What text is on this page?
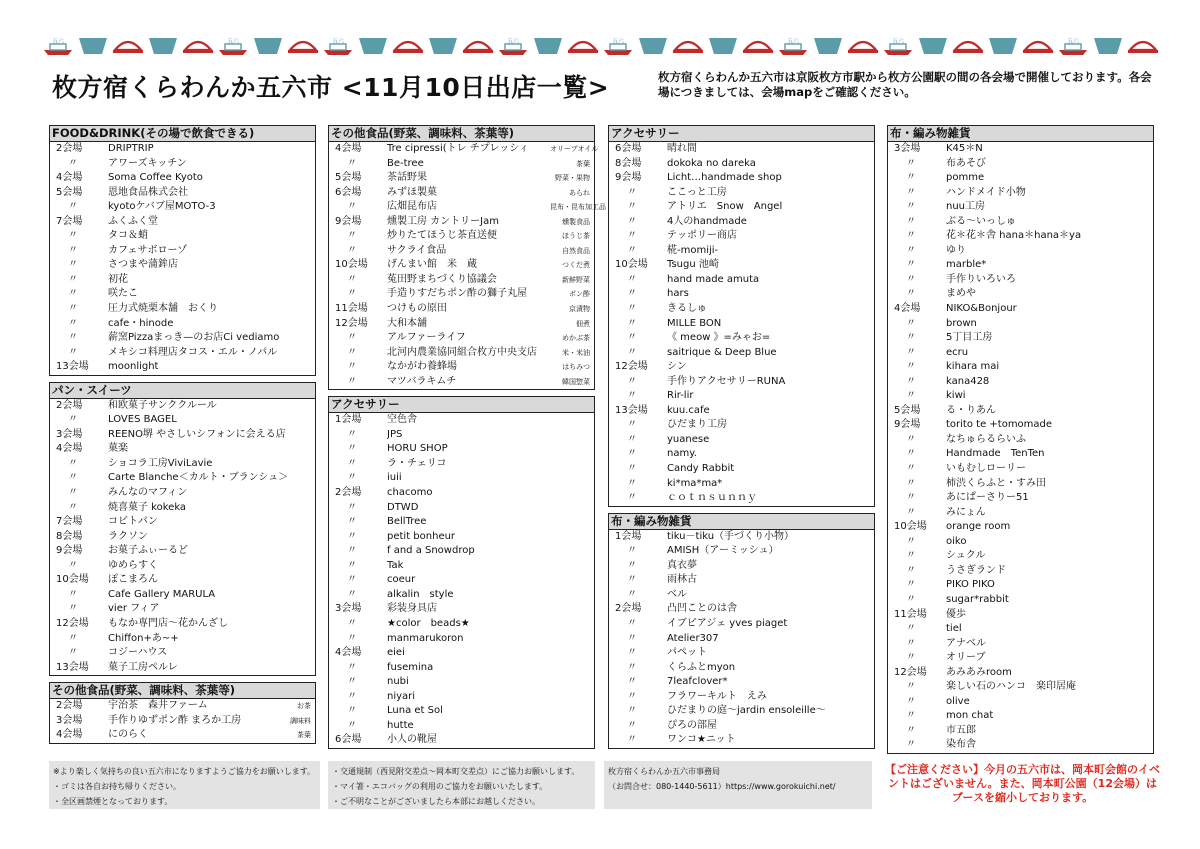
五六	五六	五六	五六	五六	五六	五六	五六
枚方宿くらわんか五六市 <11月10日出店一覧>	枚方宿くらわんか五六市は京阪枚方市駅から枚方公園駅の間の各会場で開催しております。各会場につきましては、会場mapをご確認ください。
FOOD&DRINK(その場で飲食できる)
2会場	DRIPTRIP
〃	アワーズキッチン
4会場	Soma Coffee Kyoto
5会場	恩地食品株式会社
〃	kyotoケバブ屋MOTO-3
7会場	ふくふく堂
〃	タコ＆蛸
〃	カフェサボローゾ
〃	さつまや蒲鉾店
〃	初花
〃	咲たこ
〃	圧力式焼栗本舗　おくり
〃	cafe・hinode
〃	薪窯Pizzaまっき—のお店Ci vediamo
〃	メキシコ料理店タコス・エル・ノパル
13会場	moonlight
パン・スイーツ
2会場	和欧菓子サンククルール
〃	LOVES BAGEL
3会場	REENO堺 やさしいシフォンに会える店
4会場	菓楽
〃	ショコラ工房ViviLavie
〃	Carte Blanche＜カルト・ブランシュ＞
〃	みんなのマフィン
〃	焼喜菓子 kokeka
7会場	コビトパン
8会場	ラクソン
9会場	お菓子ふぃーるど
〃	ゆめらすく
10会場	ぽこまろん
〃	Cafe Gallery MARULA
〃	vier フィア
12会場	もなか専門店～花かんざし
〃	Chiffon+あ~+
〃	コジーハウス
13会場	菓子工房ペルレ
その他食品(野菜、調味料、茶葉等)
2会場	宇治茶　森井ファーム	お茶
3会場	手作りゆずポン酢 まろか工房	調味料
4会場	にのらく	茶葉
その他食品(野菜、調味料、茶葉等)
4会場	Tre cipressi(トレ チプレッシィ	オリーブオイル
〃	Be-tree	茶葉
5会場	茶話野果	野菜・果物
6会場	みずほ製菓	あられ
〃	広畑昆布店	昆布・昆布加工品
9会場	燻製工房 カントリーJam	燻製食品
〃	炒りたてほうじ茶直送便	ほうじ茶
〃	サクライ食品	自然食品
10会場	げんまい館　米　蔵	つくだ煮
〃	菟田野まちづくり協議会	新鮮野菜
〃	手造りすだちポン酢の獅子丸屋	ポン酢
11会場	つけもの原田	京漬物
12会場	大和本舗	佃煮
〃	アルファーライフ	めかぶ茶
〃	北河内農業協同組合枚方中央支店	米・米油
〃	なかがわ養蜂場	はちみつ
〃	マツバラキムチ	韓国惣菜
アクセサリー
1会場	空色舎
〃	JPS
〃	HORU SHOP
〃	ラ・チェリコ
〃	iuii
2会場	chacomo
〃	DTWD
〃	BellTree
〃	petit bonheur
〃	f and a Snowdrop
〃	Tak
〃	coeur
〃	alkalin　style
3会場	彩装身具店
〃	★color　beads★
〃	manmarukoron
4会場	eiei
〃	fusemina
〃	nubi
〃	niyari
〃	Luna et Sol
〃	hutte
6会場	小人の靴屋
アクセサリー
6会場	晴れ間
8会場	dokoka no dareka
9会場	Licht…handmade shop
〃	ここっと工房
〃	アトリエ　Snow　Angel
〃	4人のhandmade
〃	テッポリー商店
〃	椛-momiji-
10会場	Tsugu 池崎
〃	hand made amuta
〃	hars
〃	きるしゅ
〃	MILLE BON
〃	《 meow 》=みゃお=
〃	saitrique & Deep Blue
12会場	シン
〃	手作りアクセサリーRUNA
〃	Rir-lir
13会場	kuu.cafe
〃	ひだまり工房
〃	yuanese
〃	namy.
〃	Candy Rabbit
〃	ki*ma*ma*
〃	ｃｏｔｎｓｕｎｎｙ
布・編み物雑貨
1会場	tiku－tiku（手づくり小物）
〃	AMISH（アーミッシュ）
〃	真衣夢
〃	雨林古
〃	ベル
2会場	凸凹ことのは舎
〃	イブピアジェ yves piaget
〃	Atelier307
〃	パペット
〃	くらふとmyon
〃	7leafclover*
〃	フラワーキルト　えみ
〃	ひだまりの庭～jardin ensoleille～
〃	ぴろの部屋
〃	ワンコ★ニット
布・編み物雑貨
3会場	K45＊N
〃	布あそび
〃	pomme
〃	ハンドメイド小物
〃	nuu工房
〃	ぶる～いっしゅ
〃	花＊花＊舎 hana＊hana＊ya
〃	ゆり
〃	marble*
〃	手作りいろいろ
〃	まめや
4会場	NIKO&Bonjour
〃	brown
〃	5丁目工房
〃	ecru
〃	kihara mai
〃	kana428
〃	kiwi
5会場	る・りあん
9会場	torito te +tomomade
〃	なちゅらるらいふ
〃	Handmade　TenTen
〃	いもむしローリー
〃	柿渋くらふと・すみ田
〃	あにぱーさりー51
〃	みにょん
10会場	orange room
〃	oiko
〃	シュクル
〃	うさぎランド
〃	PIKO PIKO
〃	sugar*rabbit
11会場	優歩
〃	tiel
〃	アナベル
〃	オリーブ
12会場	あみあみroom
〃	楽しい石のハンコ　楽印居庵
〃	olive
〃	mon chat
〃	市五郎
〃	染布舎
※より楽しく気持ちの良い五六市になりますようご協力をお願いします。
・ゴミは各自お持ち帰りください。
・全区画禁煙となっております。
・交通規制（西見附交差点～岡本町交差点）にご協力お願いします。
・マイ箸・エコバッグの利用のご協力をお願いいたします。
・ご不明なことがございましたら本部にお越しください。
枚方宿くらわんか五六市事務局
（お問合せ：080-1440-5611）https://www.gorokuichi.net/
【ご注意ください】今月の五六市は、岡本町会館のイベントはございません。また、岡本町公園（12会場）はブースを縮小しております。
